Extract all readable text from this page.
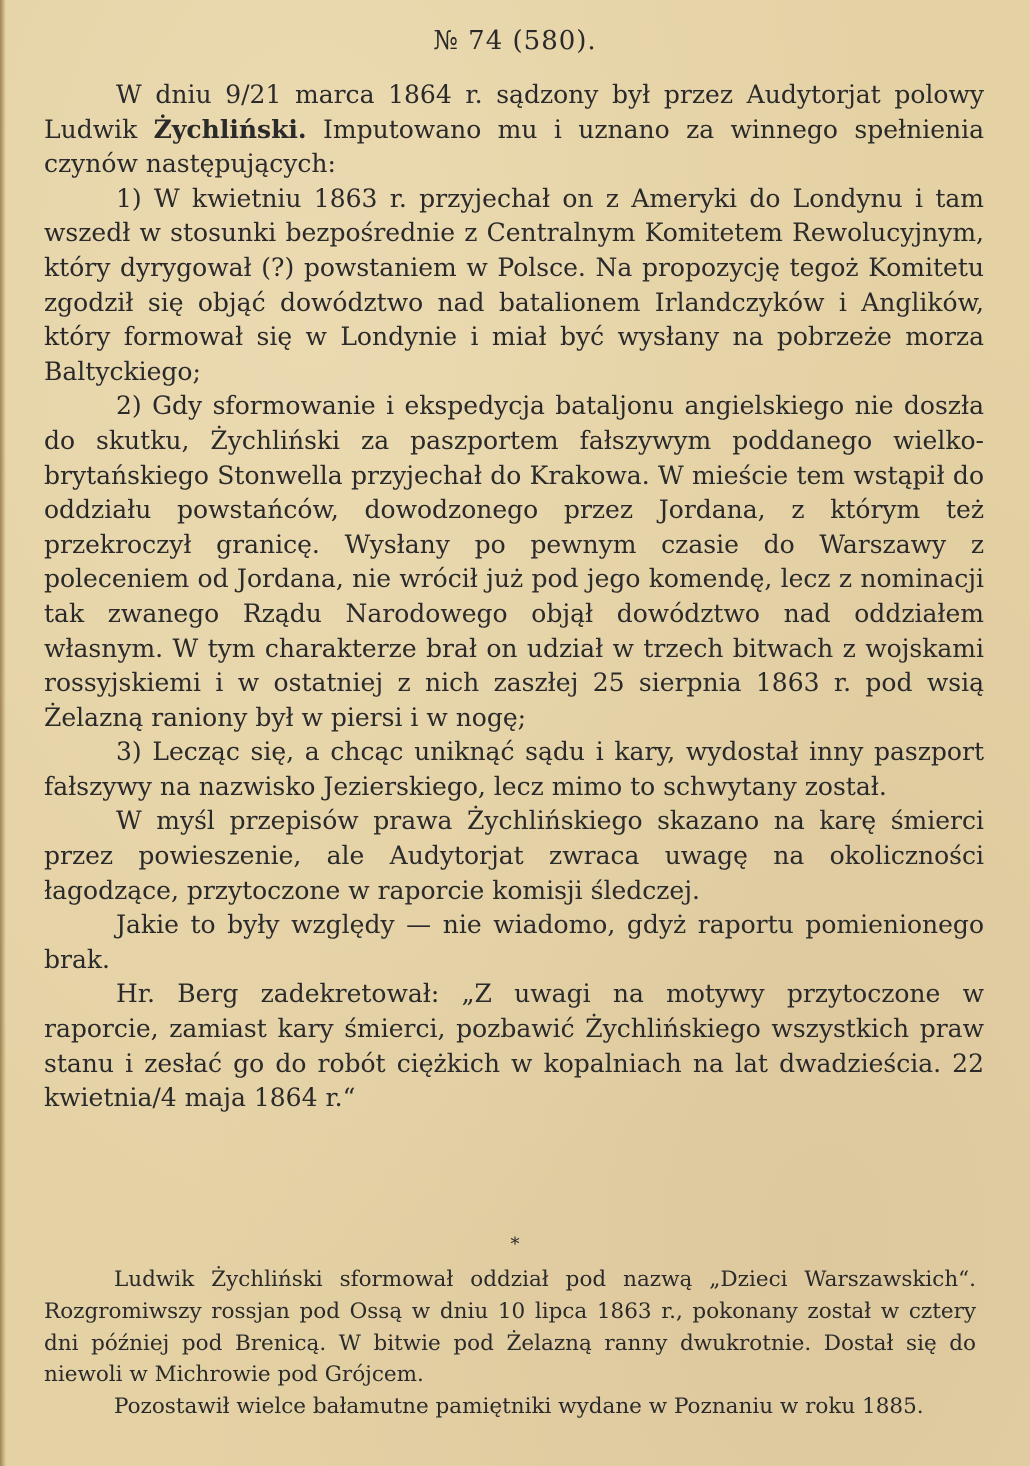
№ 74 (580).

W dniu 9/21 marca 1864 r. sądzony był przez Audytorjat polowy Ludwik Żychliński. Imputowano mu i uznano za winnego spełnienia czynów następujących:

1) W kwietniu 1863 r. przyjechał on z Ameryki do Londynu i tam wszedł w stosunki bezpośrednie z Centralnym Komitetem Rewolucyjnym, który dyrygował (?) powstaniem w Polsce. Na propozycję tegoż Komitetu zgodził się objąć dowództwo nad batalionem Irlandczyków i Anglików, który formował się w Londynie i miał być wysłany na pobrzeże morza Baltyckiego;

2) Gdy sformowanie i ekspedycja bataljonu angielskiego nie doszła do skutku, Żychliński za paszportem fałszywym poddanego wielko-brytańskiego Stonwella przyjechał do Krakowa. W mieście tem wstąpił do oddziału powstańców, dowodzonego przez Jordana, z którym też przekroczył granicę. Wysłany po pewnym czasie do Warszawy z poleceniem od Jordana, nie wrócił już pod jego komendę, lecz z nominacji tak zwanego Rządu Narodowego objął dowództwo nad oddziałem własnym. W tym charakterze brał on udział w trzech bitwach z wojskami rossyjskiemi i w ostatniej z nich zaszłej 25 sierpnia 1863 r. pod wsią Żelazną raniony był w piersi i w nogę;

3) Lecząc się, a chcąc uniknąć sądu i kary, wydostał inny paszport fałszywy na nazwisko Jezierskiego, lecz mimo to schwytany został.

W myśl przepisów prawa Żychlińskiego skazano na karę śmierci przez powieszenie, ale Audytorjat zwraca uwagę na okoliczności łagodzące, przytoczone w raporcie komisji śledczej.

Jakie to były względy — nie wiadomo, gdyż raportu pomienionego brak.

Hr. Berg zadekretował: „Z uwagi na motywy przytoczone w raporcie, zamiast kary śmierci, pozbawić Żychlińskiego wszystkich praw stanu i zesłać go do robót ciężkich w kopalniach na lat dwadzieścia. 22 kwietnia/4 maja 1864 r.“

*

Ludwik Żychliński sformował oddział pod nazwą „Dzieci Warszawskich“. Rozgromiwszy rossjan pod Ossą w dniu 10 lipca 1863 r., pokonany został w cztery dni później pod Brenicą. W bitwie pod Żelazną ranny dwukrotnie. Dostał się do niewoli w Michrowie pod Grójcem.

Pozostawił wielce bałamutne pamiętniki wydane w Poznaniu w roku 1885.
